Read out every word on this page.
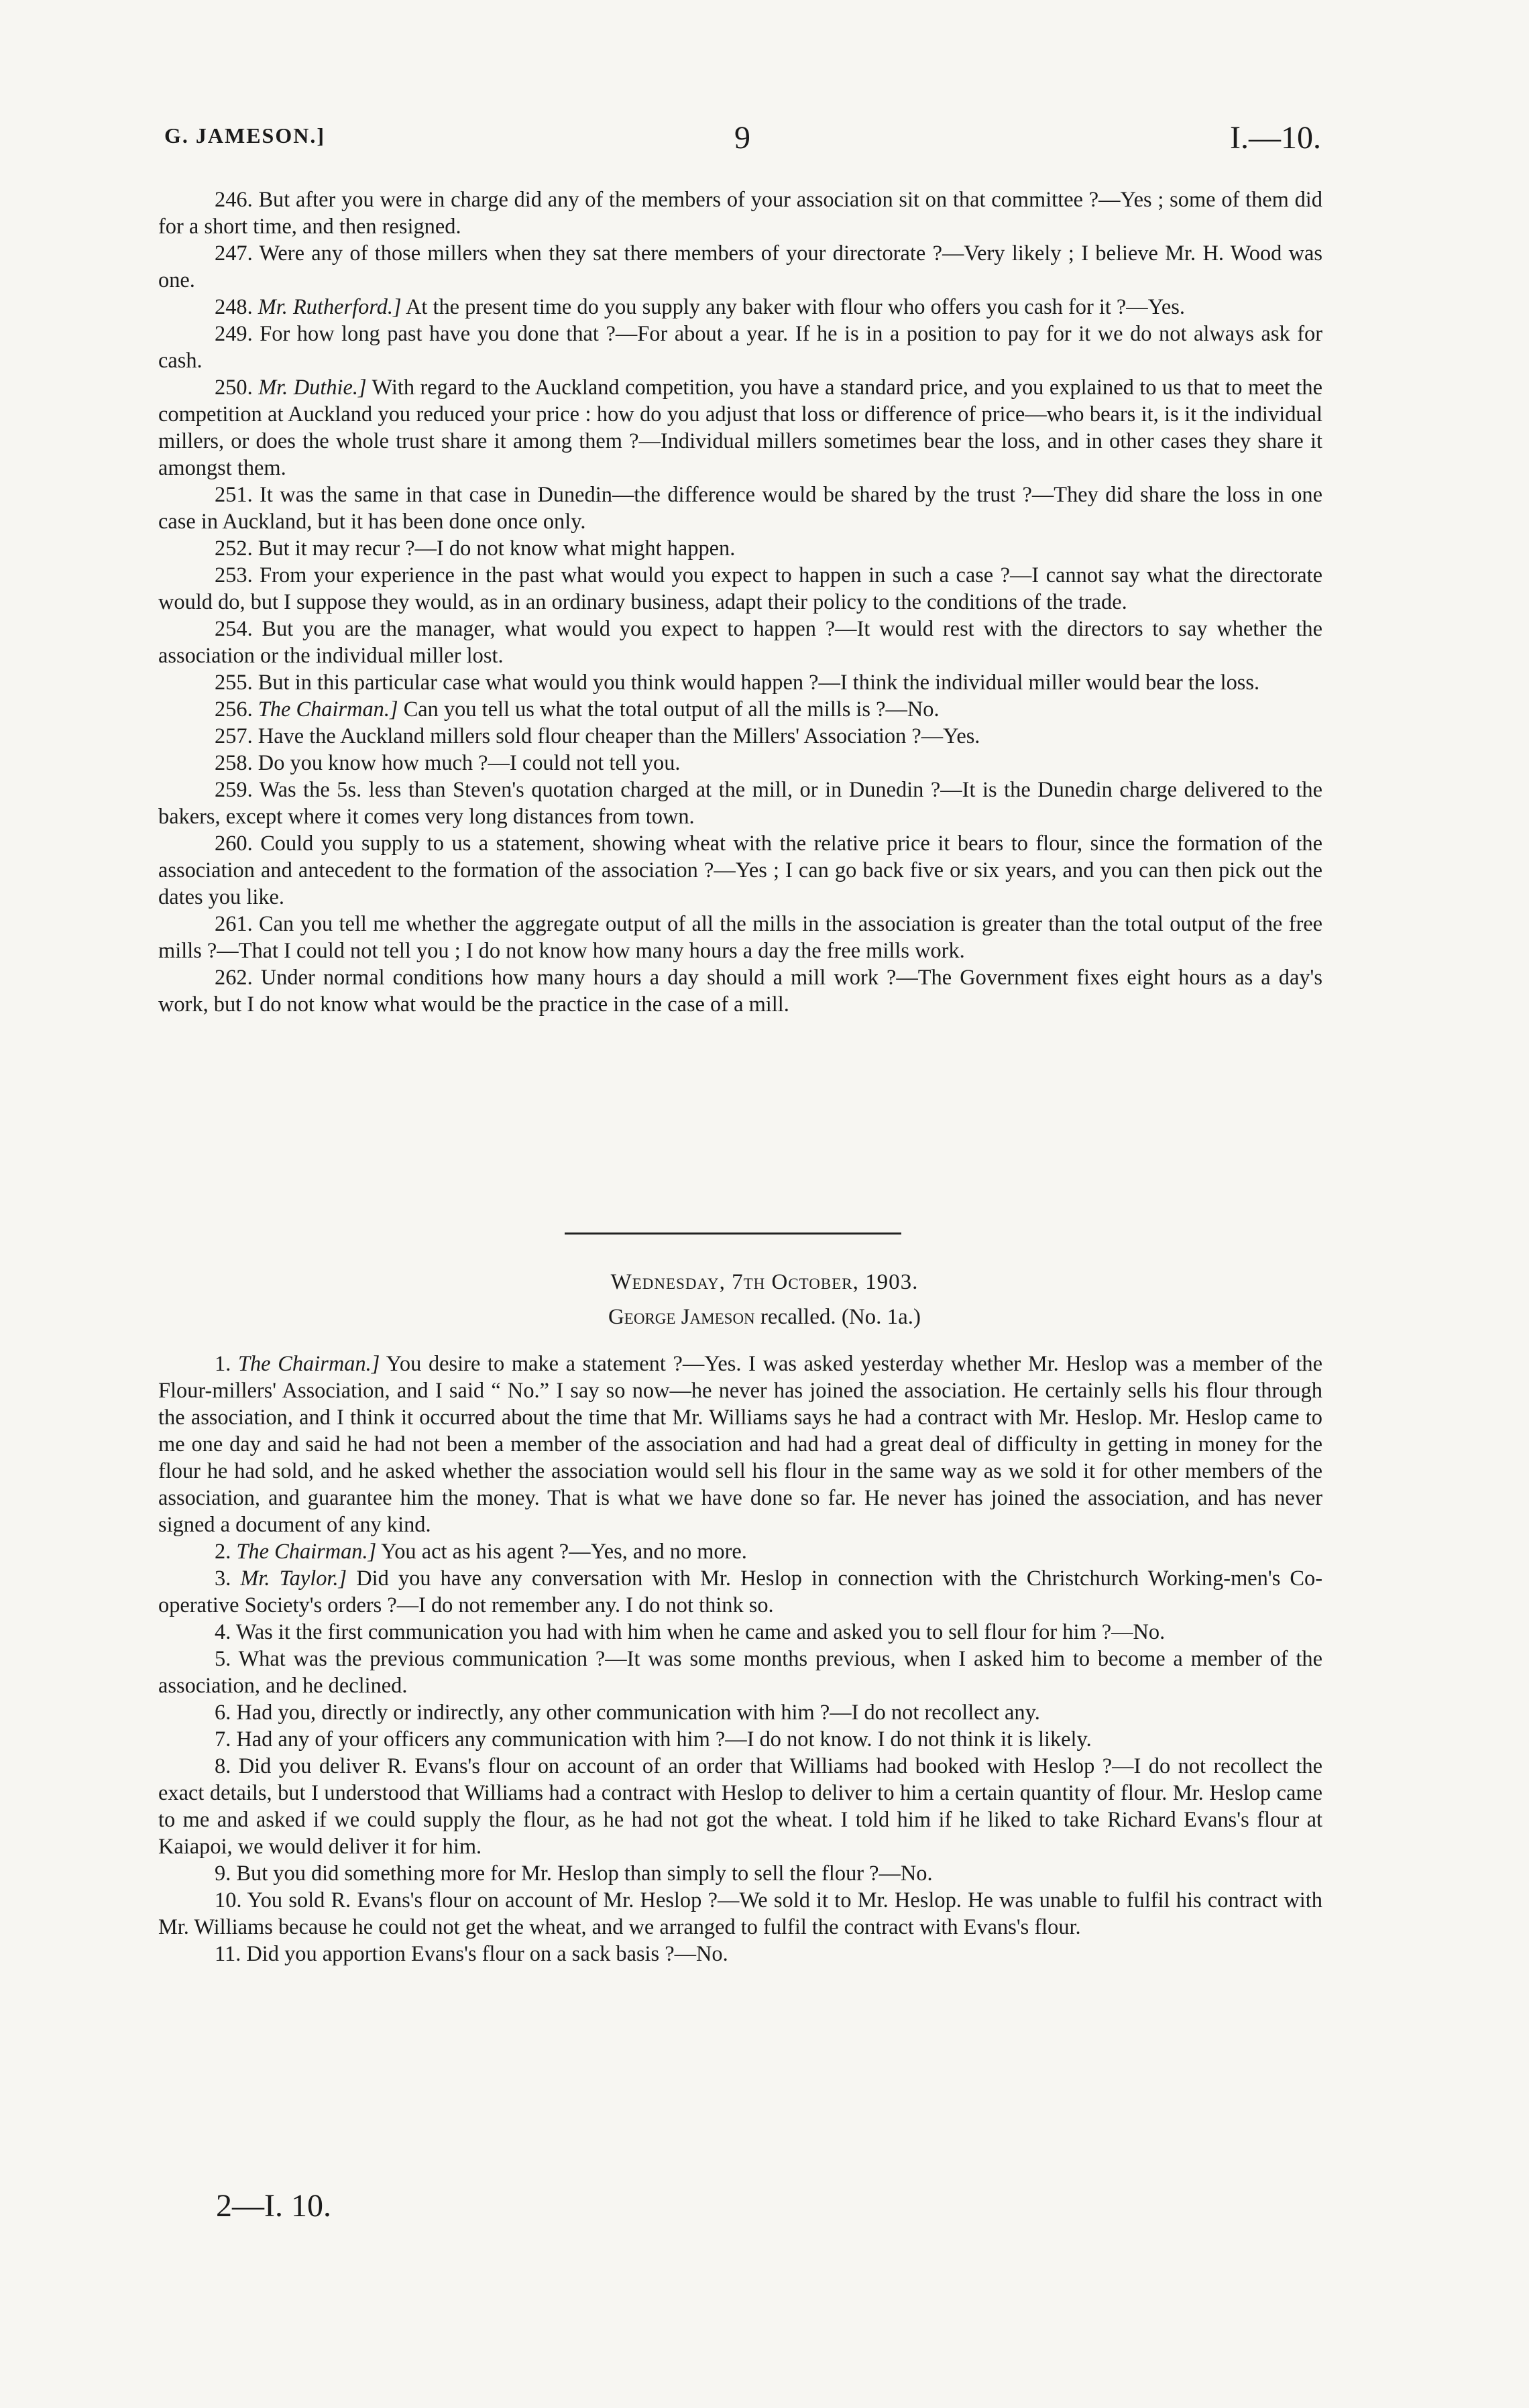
G. JAMESON.]	9	I.—10.

246. But after you were in charge did any of the members of your association sit on that committee ?—Yes ; some of them did for a short time, and then resigned.

247. Were any of those millers when they sat there members of your directorate ?—Very likely ; I believe Mr. H. Wood was one.

248. Mr. Rutherford.] At the present time do you supply any baker with flour who offers you cash for it ?—Yes.

249. For how long past have you done that ?—For about a year. If he is in a position to pay for it we do not always ask for cash.

250. Mr. Duthie.] With regard to the Auckland competition, you have a standard price, and you explained to us that to meet the competition at Auckland you reduced your price : how do you adjust that loss or difference of price—who bears it, is it the individual millers, or does the whole trust share it among them ?—Individual millers sometimes bear the loss, and in other cases they share it amongst them.

251. It was the same in that case in Dunedin—the difference would be shared by the trust ?—They did share the loss in one case in Auckland, but it has been done once only.

252. But it may recur ?—I do not know what might happen.

253. From your experience in the past what would you expect to happen in such a case ?—I cannot say what the directorate would do, but I suppose they would, as in an ordinary business, adapt their policy to the conditions of the trade.

254. But you are the manager, what would you expect to happen ?—It would rest with the directors to say whether the association or the individual miller lost.

255. But in this particular case what would you think would happen ?—I think the individual miller would bear the loss.

256. The Chairman.] Can you tell us what the total output of all the mills is ?—No.

257. Have the Auckland millers sold flour cheaper than the Millers' Association ?—Yes.

258. Do you know how much ?—I could not tell you.

259. Was the 5s. less than Steven's quotation charged at the mill, or in Dunedin ?—It is the Dunedin charge delivered to the bakers, except where it comes very long distances from town.

260. Could you supply to us a statement, showing wheat with the relative price it bears to flour, since the formation of the association and antecedent to the formation of the association ?—Yes ; I can go back five or six years, and you can then pick out the dates you like.

261. Can you tell me whether the aggregate output of all the mills in the association is greater than the total output of the free mills ?—That I could not tell you ; I do not know how many hours a day the free mills work.

262. Under normal conditions how many hours a day should a mill work ?—The Government fixes eight hours as a day's work, but I do not know what would be the practice in the case of a mill.

Wednesday, 7th October, 1903.
George Jameson recalled. (No. 1a.)

1. The Chairman.] You desire to make a statement ?—Yes. I was asked yesterday whether Mr. Heslop was a member of the Flour-millers' Association, and I said “ No.” I say so now—he never has joined the association. He certainly sells his flour through the association, and I think it occurred about the time that Mr. Williams says he had a contract with Mr. Heslop. Mr. Heslop came to me one day and said he had not been a member of the association and had had a great deal of difficulty in getting in money for the flour he had sold, and he asked whether the association would sell his flour in the same way as we sold it for other members of the association, and guarantee him the money. That is what we have done so far. He never has joined the association, and has never signed a document of any kind.

2. The Chairman.] You act as his agent ?—Yes, and no more.

3. Mr. Taylor.] Did you have any conversation with Mr. Heslop in connection with the Christchurch Working-men's Co-operative Society's orders ?—I do not remember any. I do not think so.

4. Was it the first communication you had with him when he came and asked you to sell flour for him ?—No.

5. What was the previous communication ?—It was some months previous, when I asked him to become a member of the association, and he declined.

6. Had you, directly or indirectly, any other communication with him ?—I do not recollect any.

7. Had any of your officers any communication with him ?—I do not know. I do not think it is likely.

8. Did you deliver R. Evans's flour on account of an order that Williams had booked with Heslop ?—I do not recollect the exact details, but I understood that Williams had a contract with Heslop to deliver to him a certain quantity of flour. Mr. Heslop came to me and asked if we could supply the flour, as he had not got the wheat. I told him if he liked to take Richard Evans's flour at Kaiapoi, we would deliver it for him.

9. But you did something more for Mr. Heslop than simply to sell the flour ?—No.

10. You sold R. Evans's flour on account of Mr. Heslop ?—We sold it to Mr. Heslop. He was unable to fulfil his contract with Mr. Williams because he could not get the wheat, and we arranged to fulfil the contract with Evans's flour.

11. Did you apportion Evans's flour on a sack basis ?—No.

2—I. 10.
